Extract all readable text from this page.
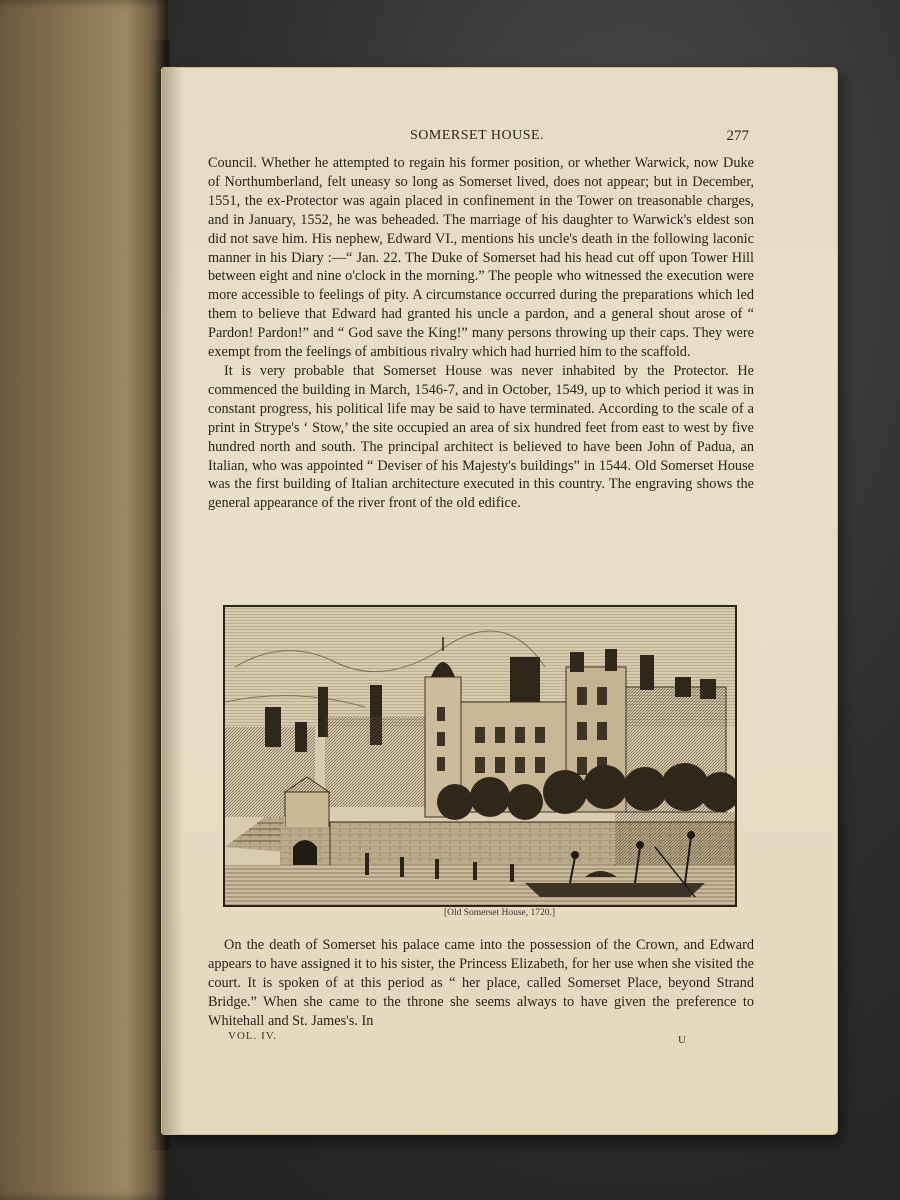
SOMERSET HOUSE.	277

Council. Whether he attempted to regain his former position, or whether Warwick, now Duke of Northumberland, felt uneasy so long as Somerset lived, does not appear; but in December, 1551, the ex-Protector was again placed in confinement in the Tower on treasonable charges, and in January, 1552, he was beheaded. The marriage of his daughter to Warwick's eldest son did not save him. His nephew, Edward VI., mentions his uncle's death in the following laconic manner in his Diary :—“ Jan. 22. The Duke of Somerset had his head cut off upon Tower Hill between eight and nine o'clock in the morning.” The people who witnessed the execution were more accessible to feelings of pity. A circumstance occurred during the preparations which led them to believe that Edward had granted his uncle a pardon, and a general shout arose of “ Pardon! Pardon!” and “ God save the King!” many persons throwing up their caps. They were exempt from the feelings of ambitious rivalry which had hurried him to the scaffold.

It is very probable that Somerset House was never inhabited by the Protector. He commenced the building in March, 1546-7, and in October, 1549, up to which period it was in constant progress, his political life may be said to have terminated. According to the scale of a print in Strype's ‘ Stow,’ the site occupied an area of six hundred feet from east to west by five hundred north and south. The principal architect is believed to have been John of Padua, an Italian, who was appointed “ Deviser of his Majesty's buildings” in 1544. Old Somerset House was the first building of Italian architecture executed in this country. The engraving shows the general appearance of the river front of the old edifice.

[Old Somerset House, 1720.]

On the death of Somerset his palace came into the possession of the Crown, and Edward appears to have assigned it to his sister, the Princess Elizabeth, for her use when she visited the court. It is spoken of at this period as “ her place, called Somerset Place, beyond Strand Bridge.” When she came to the throne she seems always to have given the preference to Whitehall and St. James's. In

VOL. IV.	U
